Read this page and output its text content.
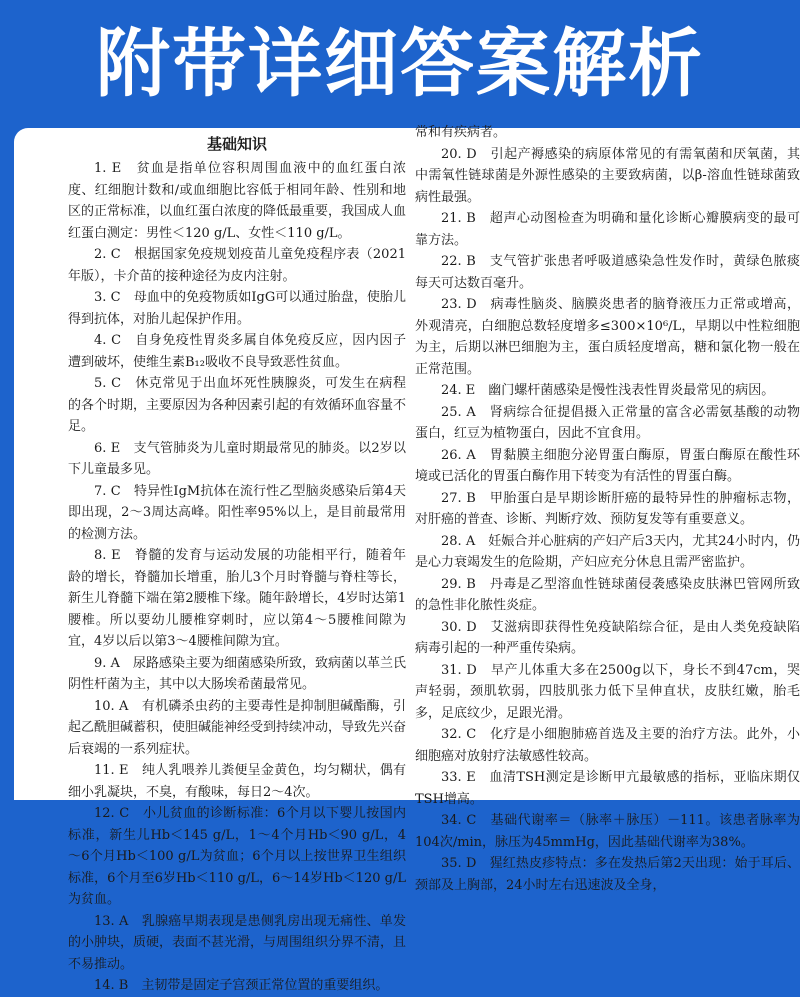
附带详细答案解析
基础知识

1. E　贫血是指单位容积周围血液中的血红蛋白浓度、红细胞计数和/或血细胞比容低于相同年龄、性别和地区的正常标准，以血红蛋白浓度的降低最重要，我国成人血红蛋白测定：男性＜120 g/L、女性＜110 g/L。

2. C　根据国家免疫规划疫苗儿童免疫程序表（2021年版），卡介苗的接种途径为皮内注射。

3. C　母血中的免疫物质如IgG可以通过胎盘，使胎儿得到抗体，对胎儿起保护作用。

4. C　自身免疫性胃炎多属自体免疫反应，因内因子遭到破坏，使维生素B₁₂吸收不良导致恶性贫血。

5. C　休克常见于出血坏死性胰腺炎，可发生在病程的各个时期，主要原因为各种因素引起的有效循环血容量不足。

6. E　支气管肺炎为儿童时期最常见的肺炎。以2岁以下儿童最多见。

7. C　特异性IgM抗体在流行性乙型脑炎感染后第4天即出现，2～3周达高峰。阳性率95%以上，是目前最常用的检测方法。

8. E　脊髓的发育与运动发展的功能相平行，随着年龄的增长，脊髓加长增重，胎儿3个月时脊髓与脊柱等长，新生儿脊髓下端在第2腰椎下缘。随年龄增长，4岁时达第1腰椎。所以要幼儿腰椎穿刺时，应以第4～5腰椎间隙为宜，4岁以后以第3～4腰椎间隙为宜。

9. A　尿路感染主要为细菌感染所致，致病菌以革兰氏阴性杆菌为主，其中以大肠埃希菌最常见。

10. A　有机磷杀虫药的主要毒性是抑制胆碱酯酶，引起乙酰胆碱蓄积，使胆碱能神经受到持续冲动，导致先兴奋后衰竭的一系列症状。

11. E　纯人乳喂养儿粪便呈金黄色，均匀糊状，偶有细小乳凝块，不臭，有酸味，每日2～4次。

12. C　小儿贫血的诊断标准：6个月以下婴儿按国内标准，新生儿Hb＜145 g/L，1～4个月Hb＜90 g/L，4～6个月Hb＜100 g/L为贫血；6个月以上按世界卫生组织标准，6个月至6岁Hb＜110 g/L，6～14岁Hb＜120 g/L为贫血。

13. A　乳腺癌早期表现是患侧乳房出现无痛性、单发的小肿块，质硬，表面不甚光滑，与周围组织分界不清，且不易推动。

14. B　主韧带是固定子宫颈正常位置的重要组织。

常和有疾病者。

20. D　引起产褥感染的病原体常见的有需氧菌和厌氧菌，其中需氧性链球菌是外源性感染的主要致病菌，以β-溶血性链球菌致病性最强。

21. B　超声心动图检查为明确和量化诊断心瓣膜病变的最可靠方法。

22. B　支气管扩张患者呼吸道感染急性发作时，黄绿色脓痰每天可达数百毫升。

23. D　病毒性脑炎、脑膜炎患者的脑脊液压力正常或增高，外观清亮，白细胞总数轻度增多≤300×10⁶/L，早期以中性粒细胞为主，后期以淋巴细胞为主，蛋白质轻度增高，糖和氯化物一般在正常范围。

24. E　幽门螺杆菌感染是慢性浅表性胃炎最常见的病因。

25. A　肾病综合征提倡摄入正常量的富含必需氨基酸的动物蛋白，红豆为植物蛋白，因此不宜食用。

26. A　胃黏膜主细胞分泌胃蛋白酶原，胃蛋白酶原在酸性环境或已活化的胃蛋白酶作用下转变为有活性的胃蛋白酶。

27. B　甲胎蛋白是早期诊断肝癌的最特异性的肿瘤标志物，对肝癌的普查、诊断、判断疗效、预防复发等有重要意义。

28. A　妊娠合并心脏病的产妇产后3天内，尤其24小时内，仍是心力衰竭发生的危险期，产妇应充分休息且需严密监护。

29. B　丹毒是乙型溶血性链球菌侵袭感染皮肤淋巴管网所致的急性非化脓性炎症。

30. D　艾滋病即获得性免疫缺陷综合征，是由人类免疫缺陷病毒引起的一种严重传染病。

31. D　早产儿体重大多在2500g以下，身长不到47cm，哭声轻弱，颈肌软弱，四肢肌张力低下呈伸直状，皮肤红嫩，胎毛多，足底纹少，足跟光滑。

32. C　化疗是小细胞肺癌首选及主要的治疗方法。此外，小细胞癌对放射疗法敏感性较高。

33. E　血清TSH测定是诊断甲亢最敏感的指标，亚临床期仅TSH增高。

34. C　基础代谢率＝（脉率＋脉压）－111。该患者脉率为104次/min，脉压为45mmHg，因此基础代谢率为38%。

35. D　猩红热皮疹特点：多在发热后第2天出现：始于耳后、颈部及上胸部，24小时左右迅速波及全身，
